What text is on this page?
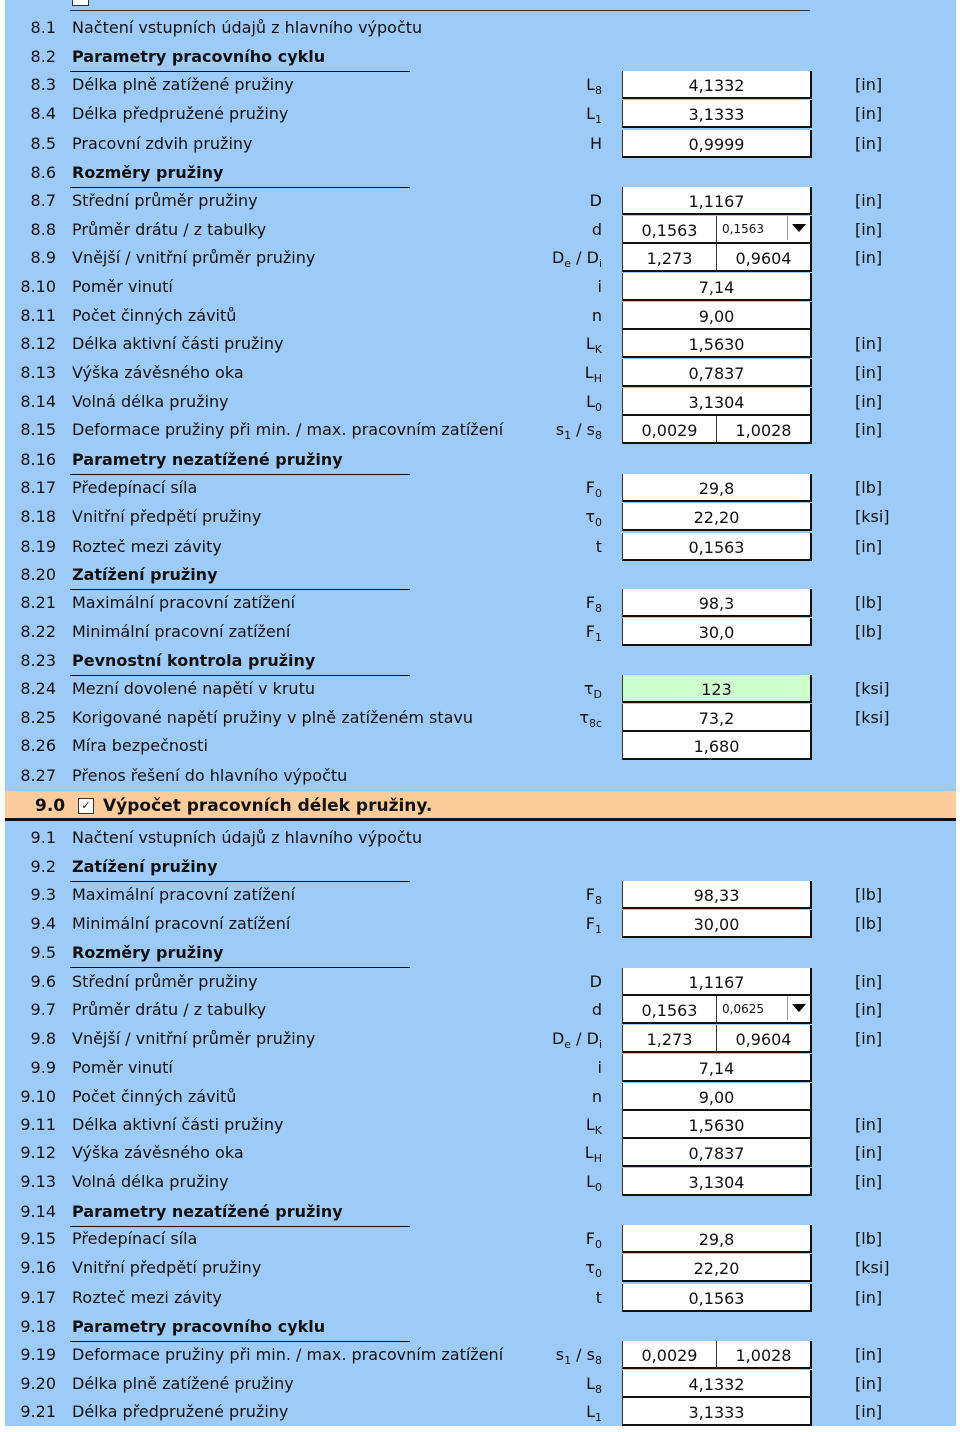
9.0	✓ Výpočet pracovních délek pružiny.
8.1 Načtení vstupních údajů z hlavního výpočtu
8.2 Parametry pracovního cyklu
8.3 Délka plně zatížené pružiny	$L_8$	4,1332	[in]
8.4 Délka předpružené pružiny	$L_1$	3,1333	[in]
8.5 Pracovní zdvih pružiny	H	0,9999	[in]
8.6 Rozměry pružiny
8.7 Střední průměr pružiny	D	1,1167	[in]
8.8 Průměr drátu / z tabulky	d	0,1563	0,1563	[in]
8.9 Vnější / vnitřní průměr pružiny	$D_e / D_i$	1,273	0,9604	[in]
8.10 Poměr vinutí	i	7,14
8.11 Počet činných závitů	n	9,00
8.12 Délka aktivní části pružiny	$L_K$	1,5630	[in]
8.13 Výška závěsného oka	$L_H$	0,7837	[in]
8.14 Volná délka pružiny	$L_0$	3,1304	[in]
8.15 Deformace pružiny při min. / max. pracovním zatížení	$s_1 / s_8$	0,0029	1,0028	[in]
8.16 Parametry nezatížené pružiny
8.17 Předepínací síla	$F_0$	29,8	[lb]
8.18 Vnitřní předpětí pružiny	$\tau_0$	22,20	[ksi]
8.19 Rozteč mezi závity	t	0,1563	[in]
8.20 Zatížení pružiny
8.21 Maximální pracovní zatížení	$F_8$	98,3	[lb]
8.22 Minimální pracovní zatížení	$F_1$	30,0	[lb]
8.23 Pevnostní kontrola pružiny
8.24 Mezní dovolené napětí v krutu	$\tau_D$	123	[ksi]
8.25 Korigované napětí pružiny v plně zatíženém stavu	$\tau_{8c}$	73,2	[ksi]
8.26 Míra bezpečnosti	1,680
8.27 Přenos řešení do hlavního výpočtu
9.1 Načtení vstupních údajů z hlavního výpočtu
9.2 Zatížení pružiny
9.3 Maximální pracovní zatížení	$F_8$	98,33	[lb]
9.4 Minimální pracovní zatížení	$F_1$	30,00	[lb]
9.5 Rozměry pružiny
9.6 Střední průměr pružiny	D	1,1167	[in]
9.7 Průměr drátu / z tabulky	d	0,1563	0,0625	[in]
9.8 Vnější / vnitřní průměr pružiny	$D_e / D_i$	1,273	0,9604	[in]
9.9 Poměr vinutí	i	7,14
9.10 Počet činných závitů	n	9,00
9.11 Délka aktivní části pružiny	$L_K$	1,5630	[in]
9.12 Výška závěsného oka	$L_H$	0,7837	[in]
9.13 Volná délka pružiny	$L_0$	3,1304	[in]
9.14 Parametry nezatížené pružiny
9.15 Předepínací síla	$F_0$	29,8	[lb]
9.16 Vnitřní předpětí pružiny	$\tau_0$	22,20	[ksi]
9.17 Rozteč mezi závity	t	0,1563	[in]
9.18 Parametry pracovního cyklu
9.19 Deformace pružiny při min. / max. pracovním zatížení	$s_1 / s_8$	0,0029	1,0028	[in]
9.20 Délka plně zatížené pružiny	$L_8$	4,1332	[in]
9.21 Délka předpružené pružiny	$L_1$	3,1333	[in]
